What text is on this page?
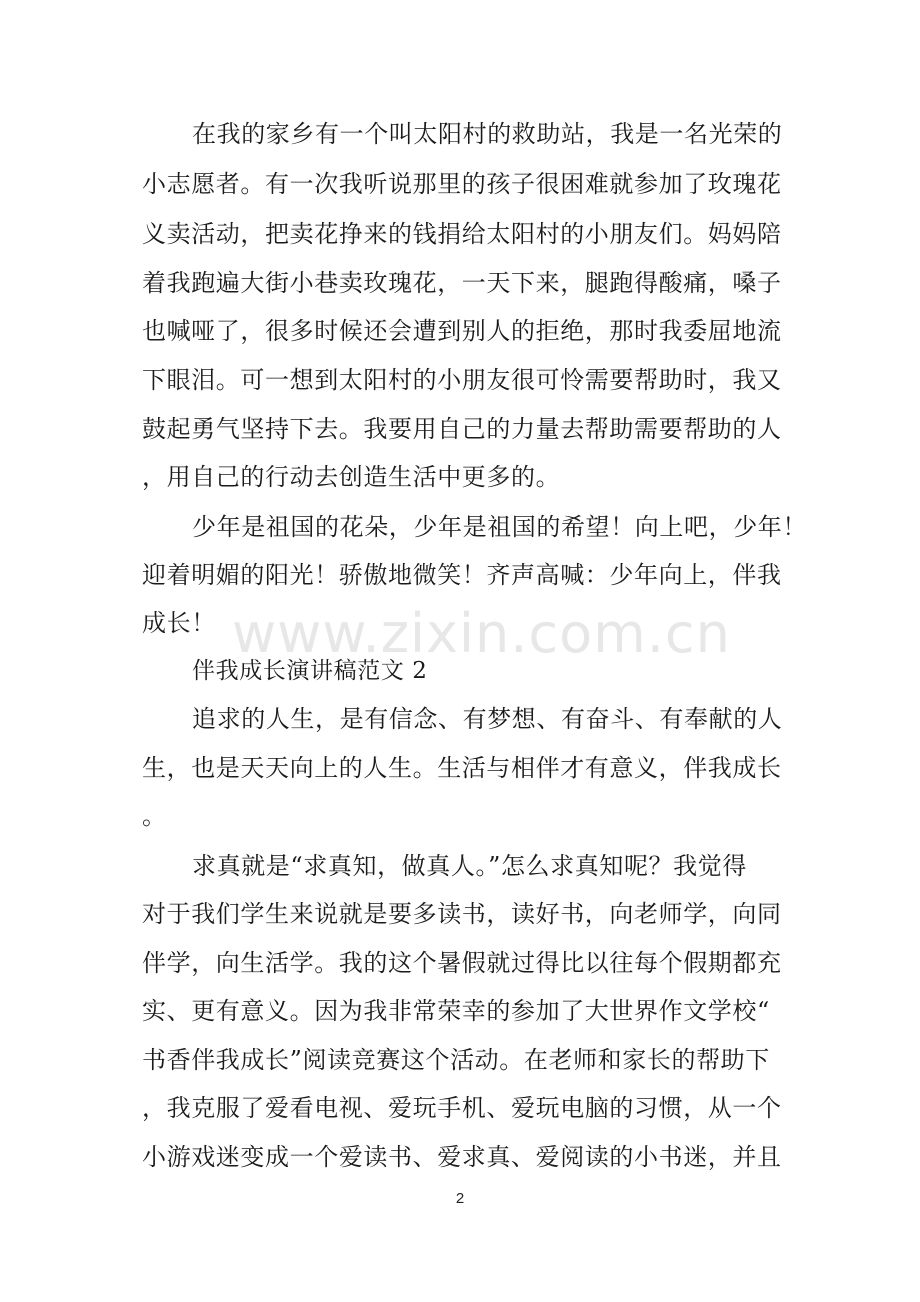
www.zixin.com.cn
在我的家乡有一个叫太阳村的救助站，我是一名光荣的
小志愿者。有一次我听说那里的孩子很困难就参加了玫瑰花
义卖活动，把卖花挣来的钱捐给太阳村的小朋友们。妈妈陪
着我跑遍大街小巷卖玫瑰花，一天下来，腿跑得酸痛，嗓子
也喊哑了，很多时候还会遭到别人的拒绝，那时我委屈地流
下眼泪。可一想到太阳村的小朋友很可怜需要帮助时，我又
鼓起勇气坚持下去。我要用自己的力量去帮助需要帮助的人
，用自己的行动去创造生活中更多的。
少年是祖国的花朵，少年是祖国的希望！向上吧，少年！
迎着明媚的阳光！骄傲地微笑！齐声高喊：少年向上，伴我
成长！
伴我成长演讲稿范文 2
追求的人生，是有信念、有梦想、有奋斗、有奉献的人
生，也是天天向上的人生。生活与相伴才有意义，伴我成长
。
求真就是“求真知，做真人。”怎么求真知呢？我觉得
对于我们学生来说就是要多读书，读好书，向老师学，向同
伴学，向生活学。我的这个暑假就过得比以往每个假期都充
实、更有意义。因为我非常荣幸的参加了大世界作文学校“
书香伴我成长”阅读竞赛这个活动。在老师和家长的帮助下
，我克服了爱看电视、爱玩手机、爱玩电脑的习惯，从一个
小游戏迷变成一个爱读书、爱求真、爱阅读的小书迷，并且
2
